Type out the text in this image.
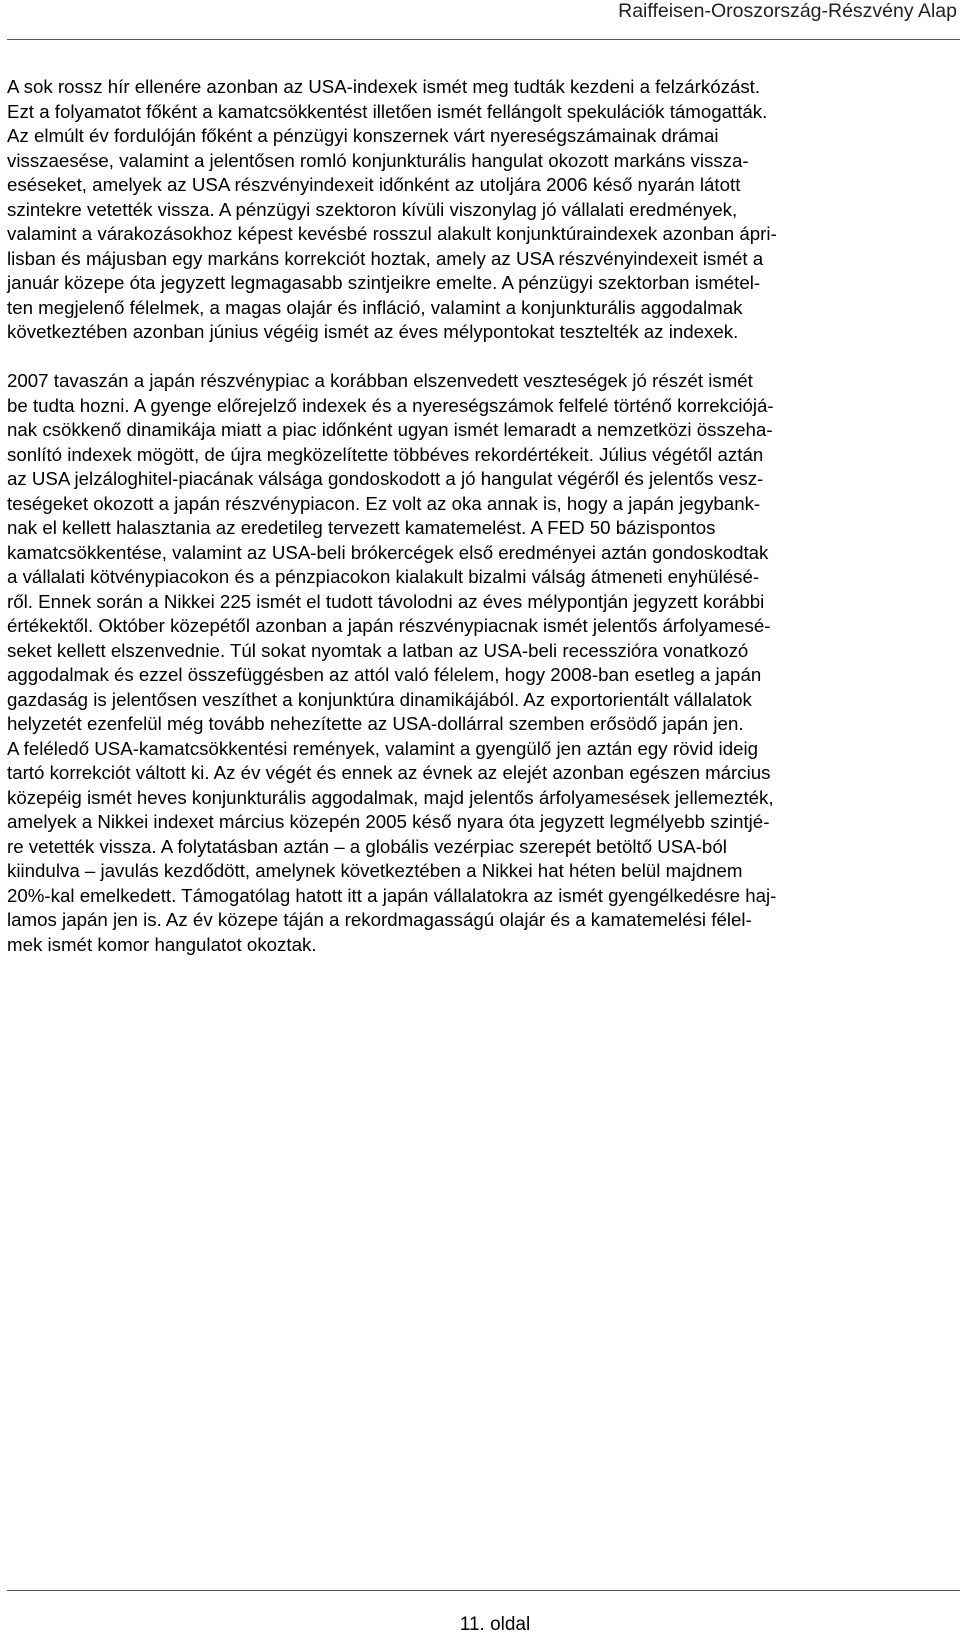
Raiffeisen-Oroszország-Részvény Alap
A sok rossz hír ellenére azonban az USA-indexek ismét meg tudták kezdeni a felzárkózást.
Ezt a folyamatot főként a kamatcsökkentést illetően ismét fellángolt spekulációk támogatták.
Az elmúlt év fordulóján főként a pénzügyi konszernek várt nyereségszámainak drámai
visszaesése, valamint a jelentősen romló konjunkturális hangulat okozott markáns vissza-
eséseket, amelyek az USA részvényindexeit időnként az utoljára 2006 késő nyarán látott
szintekre vetették vissza. A pénzügyi szektoron kívüli viszonylag jó vállalati eredmények,
valamint a várakozásokhoz képest kevésbé rosszul alakult konjunktúraindexek azonban ápri-
lisban és májusban egy markáns korrekciót hoztak, amely az USA részvényindexeit ismét a
január közepe óta jegyzett legmagasabb szintjeikre emelte. A pénzügyi szektorban ismétel-
ten megjelenő félelmek, a magas olajár és infláció, valamint a konjunkturális aggodalmak
következtében azonban június végéig ismét az éves mélypontokat tesztelték az indexek.
2007 tavaszán a japán részvénypiac a korábban elszenvedett veszteségek jó részét ismét
be tudta hozni. A gyenge előrejelző indexek és a nyereségszámok felfelé történő korrekciójá-
nak csökkenő dinamikája miatt a piac időnként ugyan ismét lemaradt a nemzetközi összeha-
sonlító indexek mögött, de újra megközelítette többéves rekordértékeit. Július végétől aztán
az USA jelzáloghitel-piacának válsága gondoskodott a jó hangulat végéről és jelentős vesz-
teségeket okozott a japán részvénypiacon. Ez volt az oka annak is, hogy a japán jegybank-
nak el kellett halasztania az eredetileg tervezett kamatemelést. A FED 50 bázispontos
kamatcsökkentése, valamint az USA-beli brókercégek első eredményei aztán gondoskodtak
a vállalati kötvénypiacokon és a pénzpiacokon kialakult bizalmi válság átmeneti enyhülésé-
ről. Ennek során a Nikkei 225 ismét el tudott távolodni az éves mélypontján jegyzett korábbi
értékektől. Október közepétől azonban a japán részvénypiacnak ismét jelentős árfolyamesé-
seket kellett elszenvednie. Túl sokat nyomtak a latban az USA-beli recesszióra vonatkozó
aggodalmak és ezzel összefüggésben az attól való félelem, hogy 2008-ban esetleg a japán
gazdaság is jelentősen veszíthet a konjunktúra dinamikájából. Az exportorientált vállalatok
helyzetét ezenfelül még tovább nehezítette az USA-dollárral szemben erősödő japán jen.
A feléledő USA-kamatcsökkentési remények, valamint a gyengülő jen aztán egy rövid ideig
tartó korrekciót váltott ki. Az év végét és ennek az évnek az elejét azonban egészen március
közepéig ismét heves konjunkturális aggodalmak, majd jelentős árfolyamesések jellemezték,
amelyek a Nikkei indexet március közepén 2005 késő nyara óta jegyzett legmélyebb szintjé-
re vetették vissza. A folytatásban aztán – a globális vezérpiac szerepét betöltő USA-ból
kiindulva – javulás kezdődött, amelynek következtében a Nikkei hat héten belül majdnem
20%-kal emelkedett. Támogatólag hatott itt a japán vállalatokra az ismét gyengélkedésre haj-
lamos japán jen is. Az év közepe táján a rekordmagasságú olajár és a kamatemelési félel-
mek ismét komor hangulatot okoztak.
11. oldal
